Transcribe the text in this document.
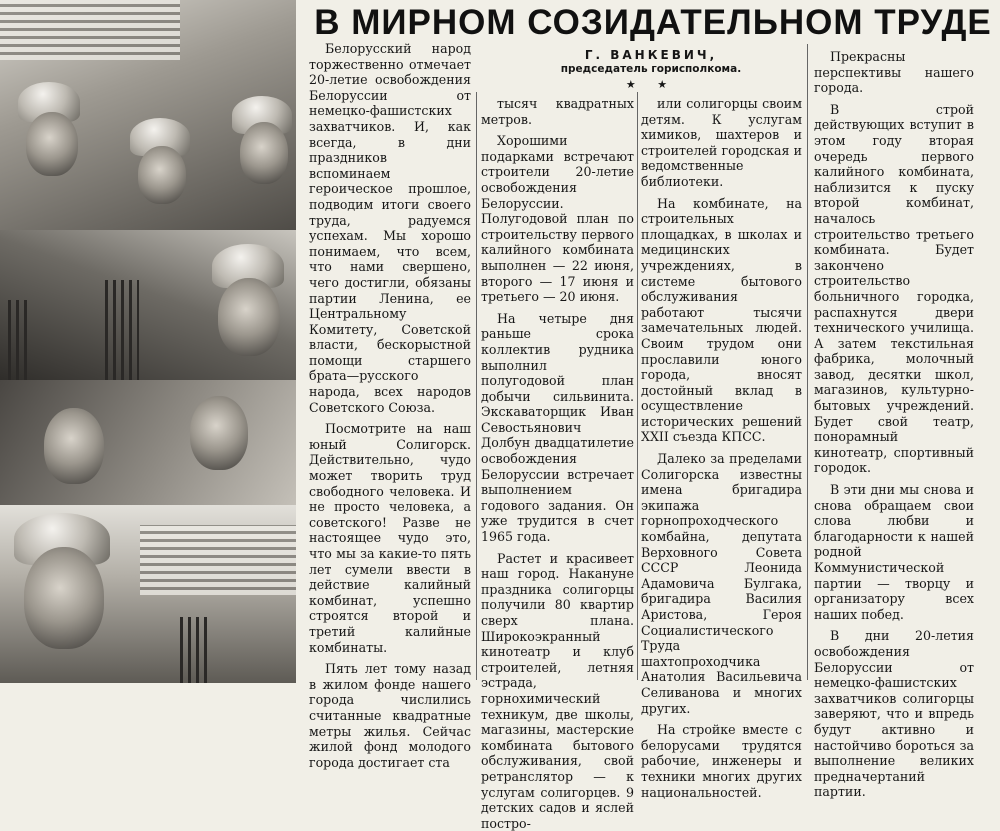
В МИРНОМ СОЗИДАТЕЛЬНОМ ТРУДЕ
Г. ВАНКЕВИЧ,
председатель горисполкома.
★ ★

Белорусский народ торжественно отмечает 20-летие освобождения Белоруссии от немецко-фашистских захватчиков. И, как всегда, в дни праздников вспоминаем героическое прошлое, подводим итоги своего труда, радуемся успехам. Мы хорошо понимаем, что всем, что нами свершено, чего достигли, обязаны партии Ленина, ее Центральному Комитету, Советской власти, бескорыстной помощи старшего брата—русского народа, всех народов Советского Союза.

Посмотрите на наш юный Солигорск. Действительно, чудо может творить труд свободного человека. И не просто человека, а советского! Разве не настоящее чудо это, что мы за какие-то пять лет сумели ввести в действие калийный комбинат, успешно строятся второй и третий калийные комбинаты.

Пять лет тому назад в жилом фонде нашего города числились считанные квадратные метры жилья. Сейчас жилой фонд молодого города достигает ста

тысяч квадратных метров.

Хорошими подарками встречают строители 20-летие освобождения Белоруссии. Полугодовой план по строительству первого калийного комбината выполнен — 22 июня, второго — 17 июня и третьего — 20 июня.

На четыре дня раньше срока коллектив рудника выполнил полугодовой план добычи сильвинита. Экскаваторщик Иван Севостьянович Долбун двадцатилетие освобождения Белоруссии встречает выполнением годового задания. Он уже трудится в счет 1965 года.

Растет и красивеет наш город. Накануне праздника солигорцы получили 80 квартир сверх плана. Широкоэкранный кинотеатр и клуб строителей, летняя эстрада, горнохимический техникум, две школы, магазины, мастерские комбината бытового обслуживания, свой ретранслятор — к услугам солигорцев. 9 детских садов и яслей постро-

или солигорцы своим детям. К услугам химиков, шахтеров и строителей городская и ведомственные библиотеки.

На комбинате, на строительных площадках, в школах и медицинских учреждениях, в системе бытового обслуживания работают тысячи замечательных людей. Своим трудом они прославили юного города, вносят достойный вклад в осуществление исторических решений XXII съезда КПСС.

Далеко за пределами Солигорска известны имена бригадира экипажа горнопроходческого комбайна, депутата Верховного Совета СССР Леонида Адамовича Булгака, бригадира Василия Аристова, Героя Социалистического Труда шахтопроходчика Анатолия Васильевича Селиванова и многих других.

На стройке вместе с белорусами трудятся рабочие, инженеры и техники многих других национальностей.

Прекрасны перспективы нашего города.

В строй действующих вступит в этом году вторая очередь первого калийного комбината, наблизится к пуску второй комбинат, началось строительство третьего комбината. Будет закончено строительство больничного городка, распахнутся двери технического училища. А затем текстильная фабрика, молочный завод, десятки школ, магазинов, культурно-бытовых учреждений. Будет свой театр, понорамный кинотеатр, спортивный городок.

В эти дни мы снова и снова обращаем свои слова любви и благодарности к нашей родной Коммунистической партии — творцу и организатору всех наших побед.

В дни 20-летия освобождения Белоруссии от немецко-фашистских захватчиков солигорцы заверяют, что и впредь будут активно и настойчиво бороться за выполнение великих предначертаний партии.
